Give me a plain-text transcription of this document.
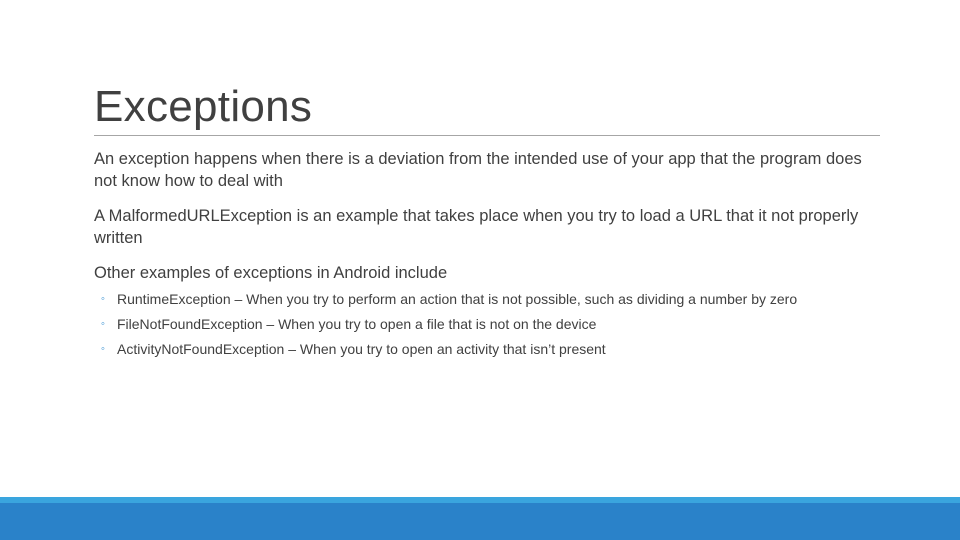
Exceptions

An exception happens when there is a deviation from the intended use of your app that the program does not know how to deal with

A MalformedURLException is an example that takes place when you try to load a URL that it not properly written

Other examples of exceptions in Android include

◦ RuntimeException – When you try to perform an action that is not possible, such as dividing a number by zero
◦ FileNotFoundException – When you try to open a file that is not on the device
◦ ActivityNotFoundException – When you try to open an activity that isn’t present
